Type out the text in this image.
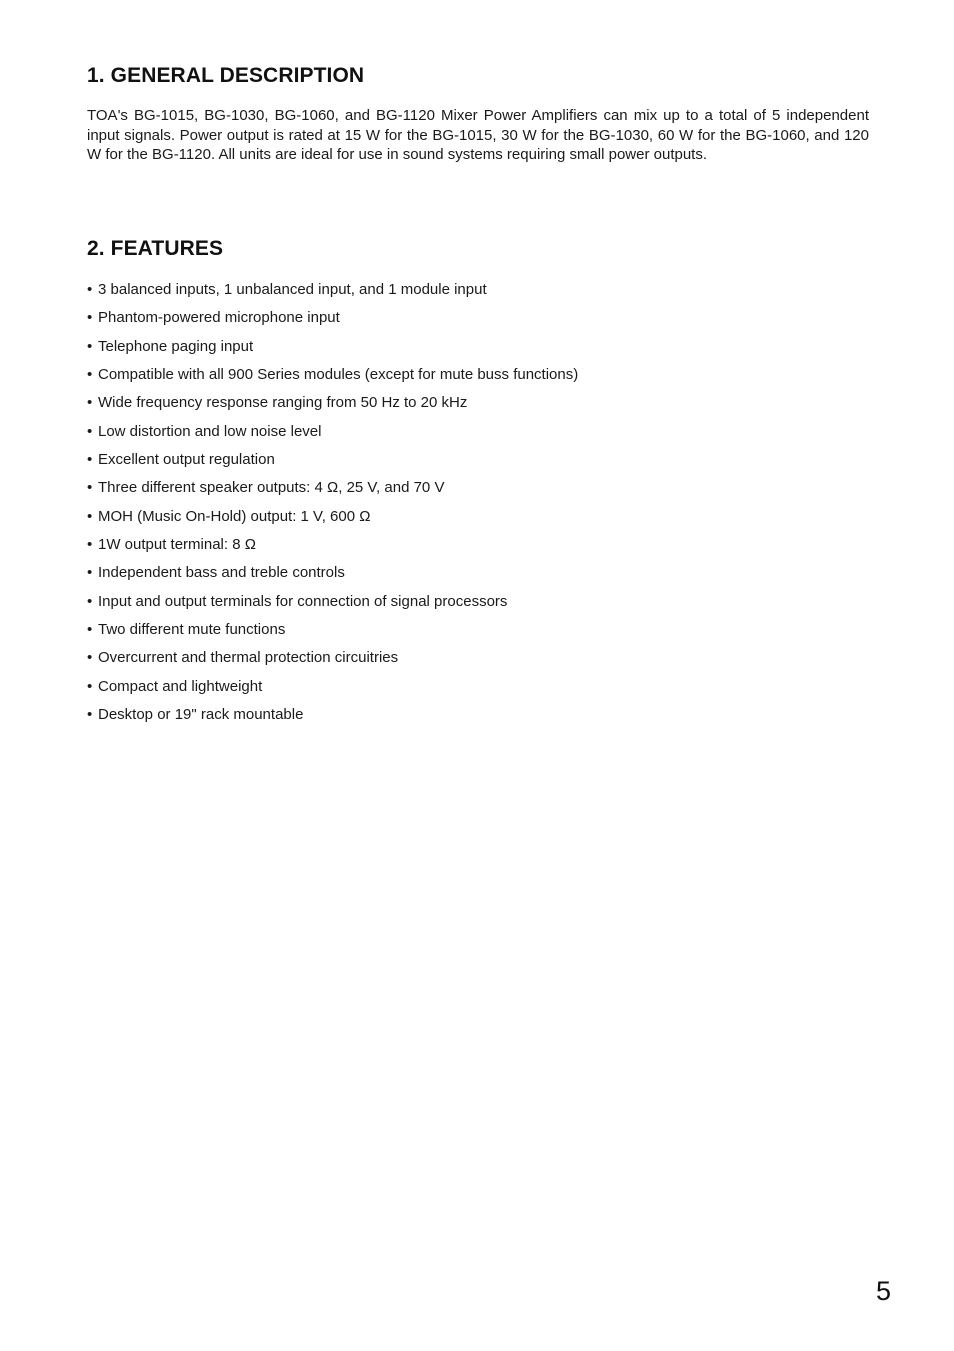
1. GENERAL DESCRIPTION

TOA's BG-1015, BG-1030, BG-1060, and BG-1120 Mixer Power Amplifiers can mix up to a total of 5 independent input signals. Power output is rated at 15 W for the BG-1015, 30 W for the BG-1030, 60 W for the BG-1060, and 120 W for the BG-1120. All units are ideal for use in sound systems requiring small power outputs.

2. FEATURES
• 3 balanced inputs, 1 unbalanced input, and 1 module input
• Phantom-powered microphone input
• Telephone paging input
• Compatible with all 900 Series modules (except for mute buss functions)
• Wide frequency response ranging from 50 Hz to 20 kHz
• Low distortion and low noise level
• Excellent output regulation
• Three different speaker outputs: 4 Ω, 25 V, and 70 V
• MOH (Music On-Hold) output: 1 V, 600 Ω
• 1W output terminal: 8 Ω
• Independent bass and treble controls
• Input and output terminals for connection of signal processors
• Two different mute functions
• Overcurrent and thermal protection circuitries
• Compact and lightweight
• Desktop or 19" rack mountable
5
